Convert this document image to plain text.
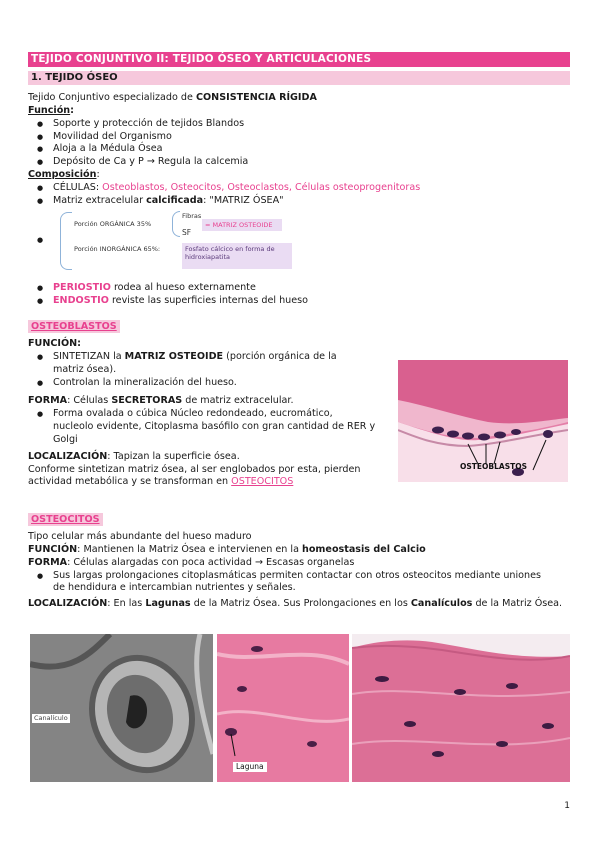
TEJIDO CONJUNTIVO II: TEJIDO ÓSEO Y ARTICULACIONES
1. TEJIDO ÓSEO
Tejido Conjuntivo especializado de CONSISTENCIA RÍGIDA
Función:
● Soporte y protección de tejidos Blandos
● Movilidad del Organismo
● Aloja a la Médula Ósea
● Depósito de Ca y P → Regula la calcemia
Composición:
● CÉLULAS: Osteoblastos, Osteocitos, Osteoclastos, Células osteoprogenitoras
● Matriz extracelular calcificada: "MATRIZ ÓSEA"
●
Porción ORGÁNICA 35%
Fibras
SF
= MATRIZ OSTEOIDE
Porción INORGÁNICA 65%:	Fosfato cálcico en forma de hidroxiapatita
● PERIOSTIO rodea al hueso externamente
● ENDOSTIO reviste las superficies internas del hueso
OSTEOBLASTOS
FUNCIÓN:
● SINTETIZAN la MATRIZ OSTEOIDE (porción orgánica de la
matriz ósea).
● Controlan la mineralización del hueso.
FORMA: Células SECRETORAS de matriz extracelular.
● Forma ovalada o cúbica Núcleo redondeado, eucromático,
nucleolo evidente, Citoplasma basófilo con gran cantidad de RER y
Golgi
LOCALIZACIÓN: Tapizan la superficie ósea.
Conforme sintetizan matriz ósea, al ser englobados por esta, pierden
actividad metabólica y se transforman en OSTEOCITOS
OSTEOBLASTOS
OSTEOCITOS
Tipo celular más abundante del hueso maduro
FUNCIÓN: Mantienen la Matriz Ósea e intervienen en la homeostasis del Calcio
FORMA: Células alargadas con poca actividad → Escasas organelas
● Sus largas prolongaciones citoplasmáticas permiten contactar con otros osteocitos mediante uniones
de hendidura e intercambian nutrientes y señales.
LOCALIZACIÓN: En las Lagunas de la Matriz Ósea. Sus Prolongaciones en los Canalículos de la Matriz Ósea.
Canalículo
Laguna
1
